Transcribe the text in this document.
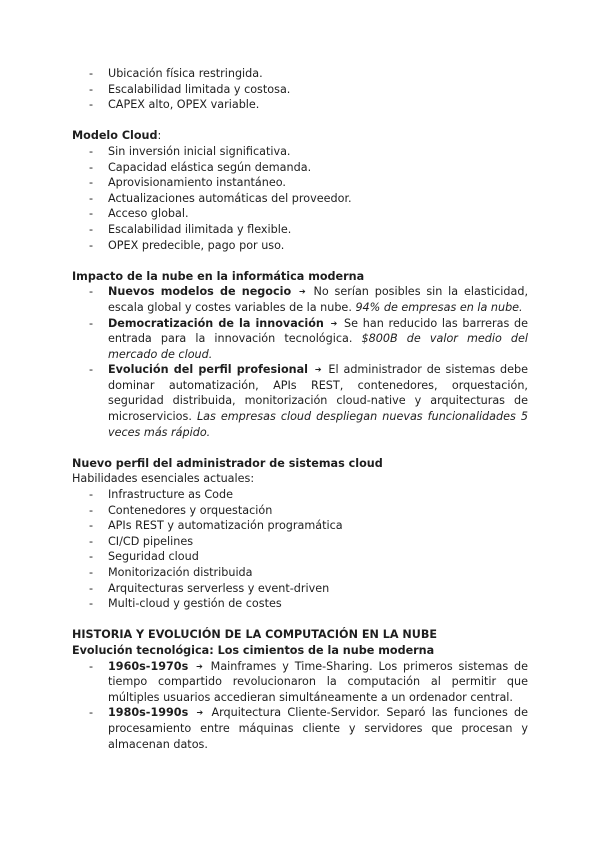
- Ubicación física restringida.
- Escalabilidad limitada y costosa.
- CAPEX alto, OPEX variable.

Modelo Cloud:

- Sin inversión inicial significativa.
- Capacidad elástica según demanda.
- Aprovisionamiento instantáneo.
- Actualizaciones automáticas del proveedor.
- Acceso global.
- Escalabilidad ilimitada y flexible.
- OPEX predecible, pago por uso.

Impacto de la nube en la informática moderna

- Nuevos modelos de negocio ➔ No serían posibles sin la elasticidad, escala global y costes variables de la nube. 94% de empresas en la nube.
- Democratización de la innovación ➔ Se han reducido las barreras de entrada para la innovación tecnológica. $800B de valor medio del mercado de cloud.
- Evolución del perfil profesional ➔ El administrador de sistemas debe dominar automatización, APIs REST, contenedores, orquestación, seguridad distribuida, monitorización cloud-native y arquitecturas de microservicios. Las empresas cloud despliegan nuevas funcionalidades 5 veces más rápido.

Nuevo perfil del administrador de sistemas cloud

Habilidades esenciales actuales:

- Infrastructure as Code
- Contenedores y orquestación
- APIs REST y automatización programática
- CI/CD pipelines
- Seguridad cloud
- Monitorización distribuida
- Arquitecturas serverless y event-driven
- Multi-cloud y gestión de costes

HISTORIA Y EVOLUCIÓN DE LA COMPUTACIÓN EN LA NUBE

Evolución tecnológica: Los cimientos de la nube moderna

- 1960s-1970s ➔ Mainframes y Time-Sharing. Los primeros sistemas de tiempo compartido revolucionaron la computación al permitir que múltiples usuarios accedieran simultáneamente a un ordenador central.
- 1980s-1990s ➔ Arquitectura Cliente-Servidor. Separó las funciones de procesamiento entre máquinas cliente y servidores que procesan y almacenan datos.
